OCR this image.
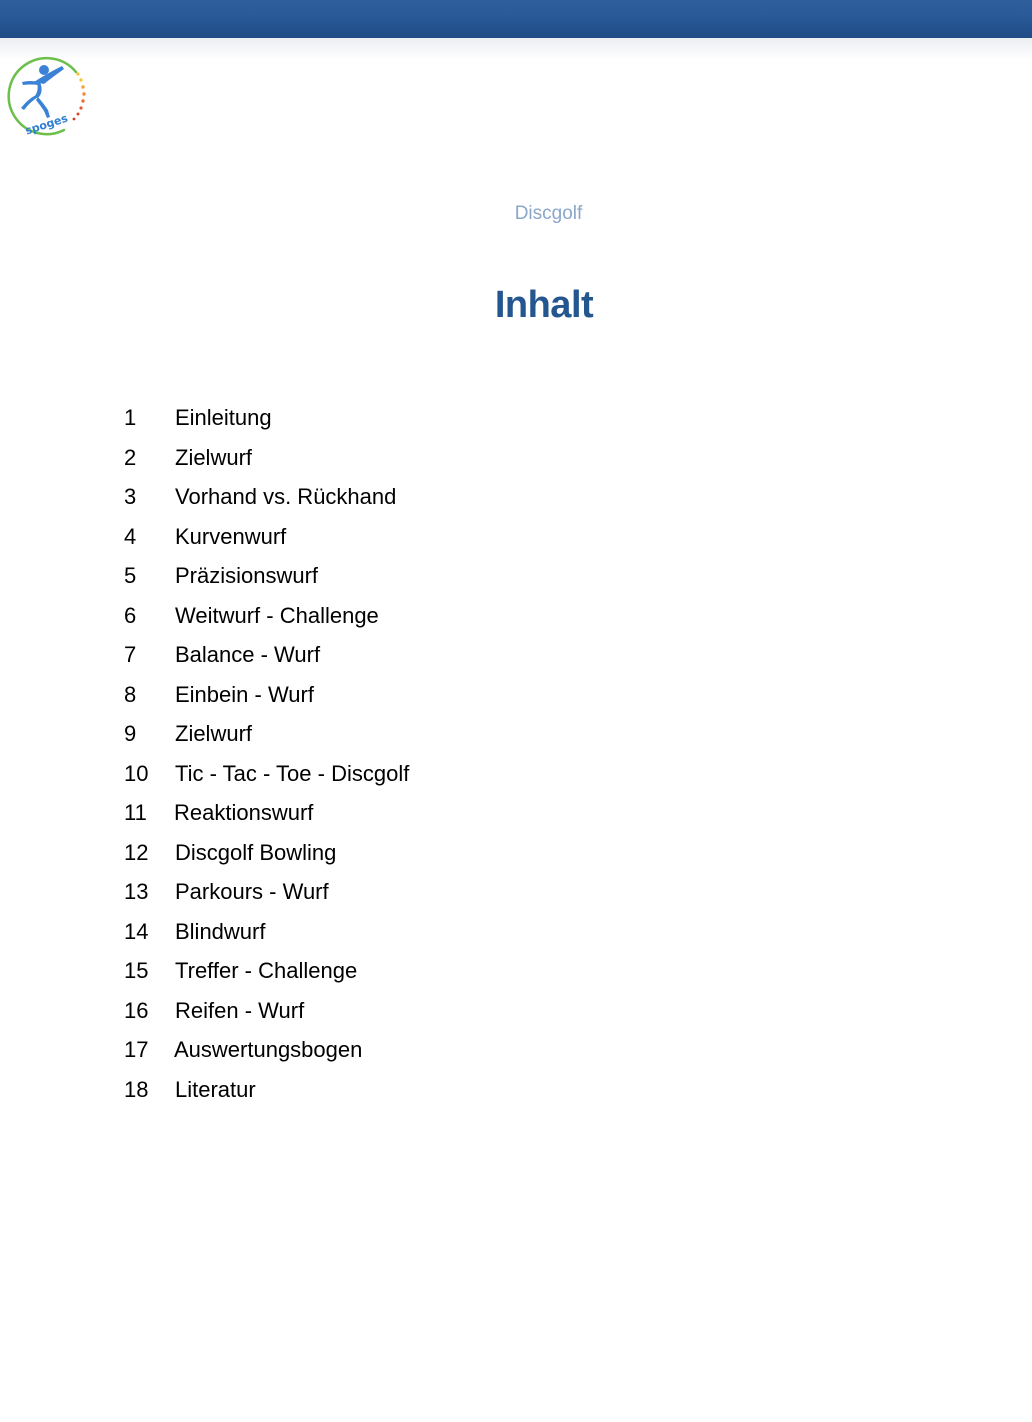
spoges
Discgolf
Inhalt
1 Einleitung
2 Zielwurf
3 Vorhand vs. Rückhand
4 Kurvenwurf
5 Präzisionswurf
6 Weitwurf - Challenge
7 Balance - Wurf
8 Einbein - Wurf
9 Zielwurf
10 Tic - Tac - Toe - Discgolf
11 Reaktionswurf
12 Discgolf Bowling
13 Parkours - Wurf
14 Blindwurf
15 Treffer - Challenge
16 Reifen - Wurf
17 Auswertungsbogen
18 Literatur
